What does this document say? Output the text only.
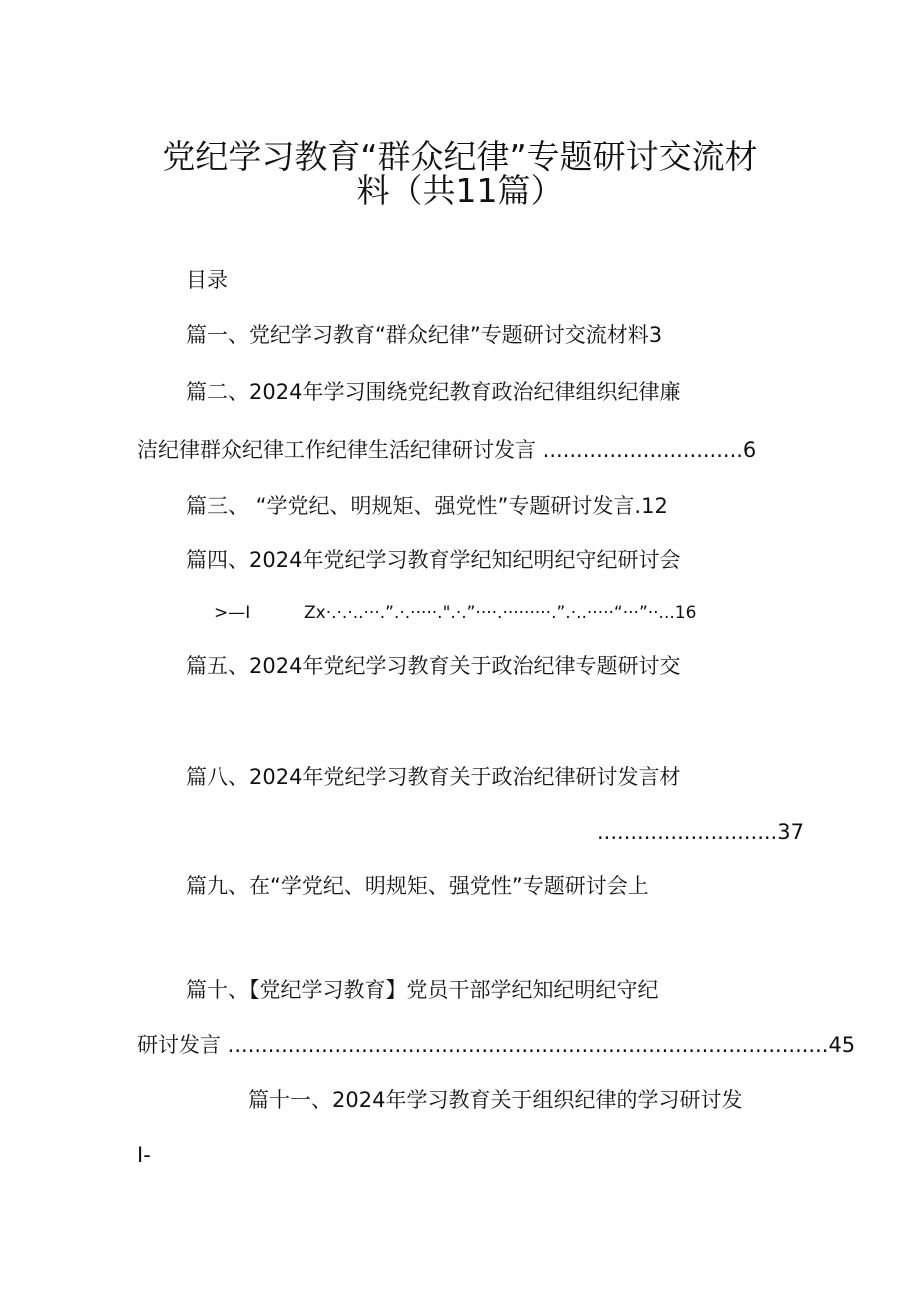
党纪学习教育“群众纪律”专题研讨交流材
料（共11篇）
目录
篇一、党纪学习教育“群众纪律”专题研讨交流材料3
篇二、2024年学习围绕党纪教育政治纪律组织纪律廉
洁纪律群众纪律工作纪律生活纪律研讨发言 ..............................6
篇三、 “学党纪、明规矩、强党性”专题研讨发言.12
篇四、2024年党纪学习教育学纪知纪明纪守纪研讨会
>—I	Zx·.·.·..···.”.·.·····.".·.”····.·········.”.·..·····“···”··...16
篇五、2024年党纪学习教育关于政治纪律专题研讨交
篇八、2024年党纪学习教育关于政治纪律研讨发言材
...........................37
篇九、在“学党纪、明规矩、强党性”专题研讨会上
篇十、【党纪学习教育】党员干部学纪知纪明纪守纪
研讨发言 ..........................................................................................45
篇十一、2024年学习教育关于组织纪律的学习研讨发
I-
